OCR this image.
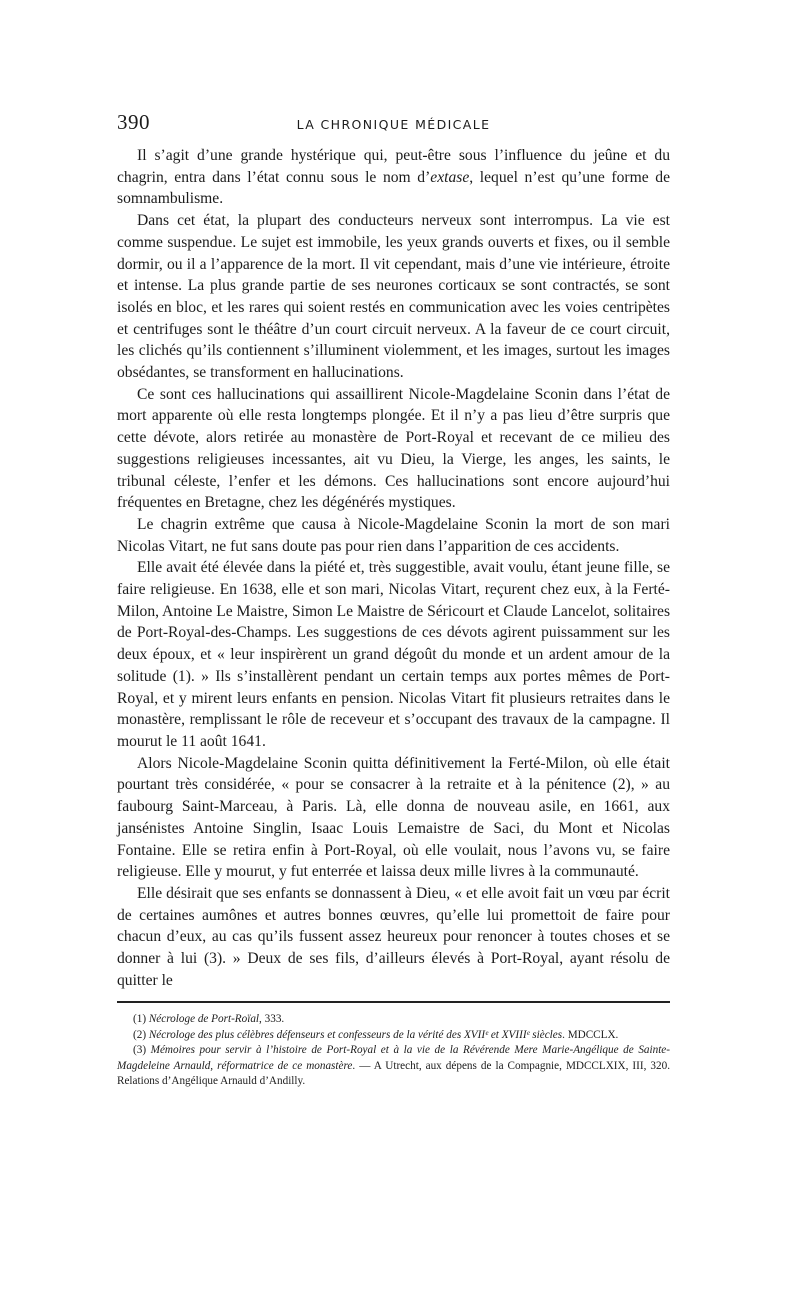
390	LA CHRONIQUE MÉDICALE

Il s’agit d’une grande hystérique qui, peut-être sous l’influence du jeûne et du chagrin, entra dans l’état connu sous le nom d’extase, lequel n’est qu’une forme de somnambulisme.

Dans cet état, la plupart des conducteurs nerveux sont interrompus. La vie est comme suspendue. Le sujet est immobile, les yeux grands ouverts et fixes, ou il semble dormir, ou il a l’apparence de la mort. Il vit cependant, mais d’une vie intérieure, étroite et intense. La plus grande partie de ses neurones corticaux se sont contractés, se sont isolés en bloc, et les rares qui soient restés en communication avec les voies centripètes et centrifuges sont le théâtre d’un court circuit nerveux. A la faveur de ce court circuit, les clichés qu’ils contiennent s’illuminent violemment, et les images, surtout les images obsédantes, se transforment en hallucinations.

Ce sont ces hallucinations qui assaillirent Nicole-Magdelaine Sconin dans l’état de mort apparente où elle resta longtemps plongée. Et il n’y a pas lieu d’être surpris que cette dévote, alors retirée au monastère de Port-Royal et recevant de ce milieu des suggestions religieuses incessantes, ait vu Dieu, la Vierge, les anges, les saints, le tribunal céleste, l’enfer et les démons. Ces hallucinations sont encore aujourd’hui fréquentes en Bretagne, chez les dégénérés mystiques.

Le chagrin extrême que causa à Nicole-Magdelaine Sconin la mort de son mari Nicolas Vitart, ne fut sans doute pas pour rien dans l’apparition de ces accidents.

Elle avait été élevée dans la piété et, très suggestible, avait voulu, étant jeune fille, se faire religieuse. En 1638, elle et son mari, Nicolas Vitart, reçurent chez eux, à la Ferté-Milon, Antoine Le Maistre, Simon Le Maistre de Séricourt et Claude Lancelot, solitaires de Port-Royal-des-Champs. Les suggestions de ces dévots agirent puissamment sur les deux époux, et « leur inspirèrent un grand dégoût du monde et un ardent amour de la solitude (1). » Ils s’installèrent pendant un certain temps aux portes mêmes de Port-Royal, et y mirent leurs enfants en pension. Nicolas Vitart fit plusieurs retraites dans le monastère, remplissant le rôle de receveur et s’occupant des travaux de la campagne. Il mourut le 11 août 1641.

Alors Nicole-Magdelaine Sconin quitta définitivement la Ferté-Milon, où elle était pourtant très considérée, « pour se consacrer à la retraite et à la pénitence (2), » au faubourg Saint-Marceau, à Paris. Là, elle donna de nouveau asile, en 1661, aux jansénistes Antoine Singlin, Isaac Louis Lemaistre de Saci, du Mont et Nicolas Fontaine. Elle se retira enfin à Port-Royal, où elle voulait, nous l’avons vu, se faire religieuse. Elle y mourut, y fut enterrée et laissa deux mille livres à la communauté.

Elle désirait que ses enfants se donnassent à Dieu, « et elle avoit fait un vœu par écrit de certaines aumônes et autres bonnes œuvres, qu’elle lui promettoit de faire pour chacun d’eux, au cas qu’ils fussent assez heureux pour renoncer à toutes choses et se donner à lui (3). » Deux de ses fils, d’ailleurs élevés à Port-Royal, ayant résolu de quitter le

(1) Nécrologe de Port-Roïal, 333.

(2) Nécrologe des plus célèbres défenseurs et confesseurs de la vérité des XVIIᵉ et XVIIIᵉ siècles. MDCCLX.

(3) Mémoires pour servir à l’histoire de Port-Royal et à la vie de la Révérende Mere Marie-Angélique de Sainte-Magdeleine Arnauld, réformatrice de ce monastère. — A Utrecht, aux dépens de la Compagnie, MDCCLXIX, III, 320. Relations d’Angélique Arnauld d’Andilly.
